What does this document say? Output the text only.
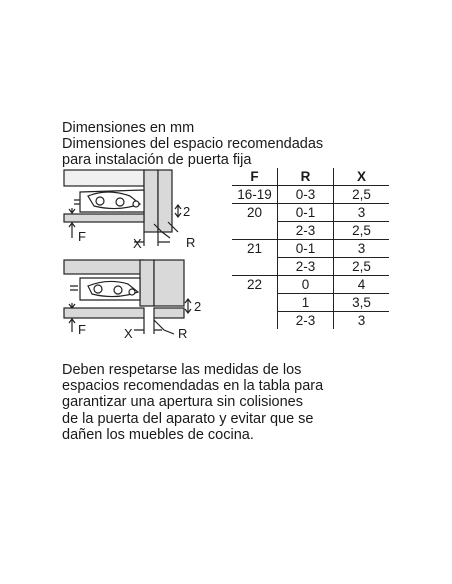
Dimensiones en mm
Dimensiones del espacio recomendadas
para instalación de puerta fija
F
2
X	R
F
2
X	R
F	R	X
16-19	0-3	2,5
20	0-1	3
	2-3	2,5
21	0-1	3
	2-3	2,5
22	0	4
	1	3,5
	2-3	3
Deben respetarse las medidas de los
espacios recomendadas en la tabla para
garantizar una apertura sin colisiones
de la puerta del aparato y evitar que se
dañen los muebles de cocina.
